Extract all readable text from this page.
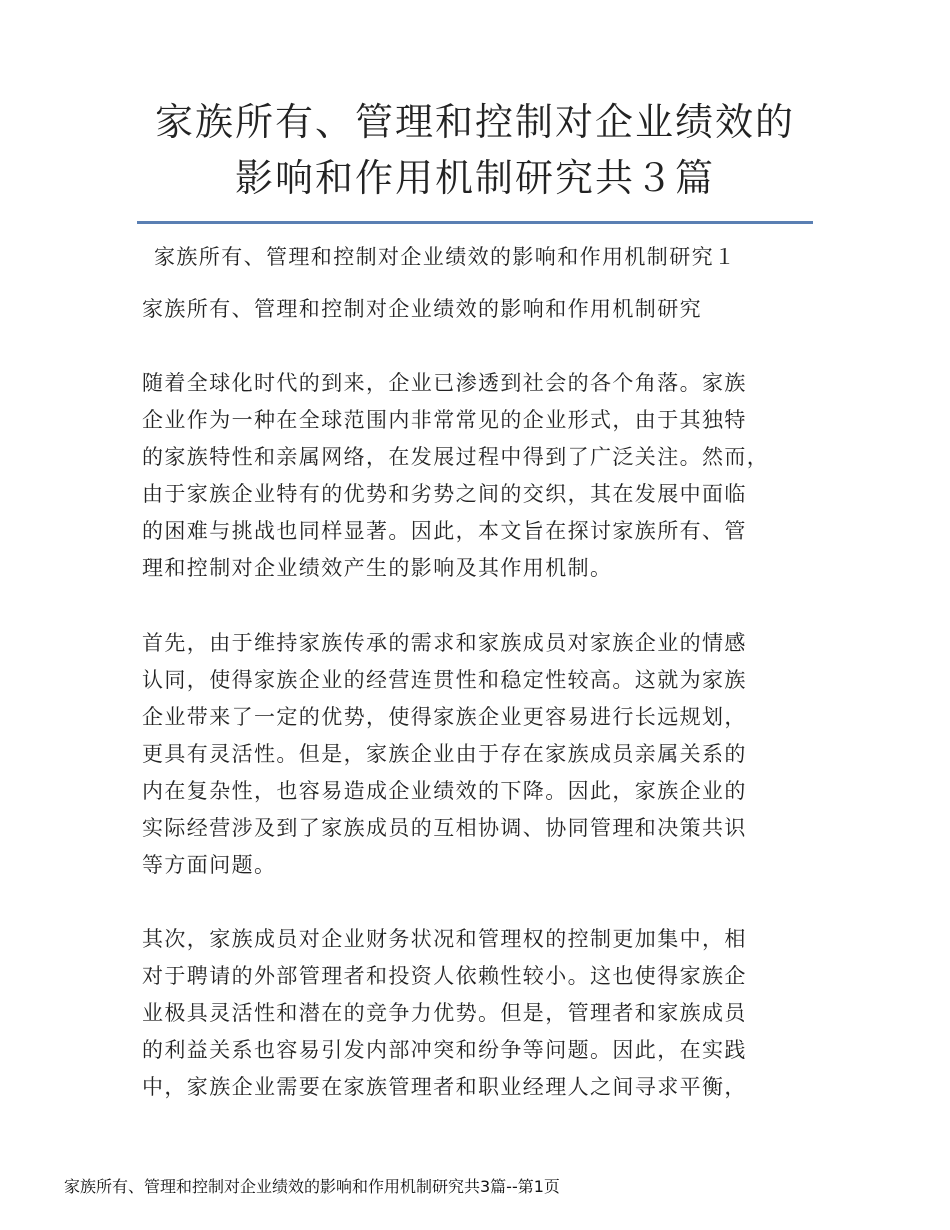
家族所有、管理和控制对企业绩效的
影响和作用机制研究共３篇

家族所有、管理和控制对企业绩效的影响和作用机制研究１

家族所有、管理和控制对企业绩效的影响和作用机制研究

随着全球化时代的到来，企业已渗透到社会的各个角落。家族
企业作为一种在全球范围内非常常见的企业形式，由于其独特
的家族特性和亲属网络，在发展过程中得到了广泛关注。然而，
由于家族企业特有的优势和劣势之间的交织，其在发展中面临
的困难与挑战也同样显著。因此，本文旨在探讨家族所有、管
理和控制对企业绩效产生的影响及其作用机制。
首先，由于维持家族传承的需求和家族成员对家族企业的情感
认同，使得家族企业的经营连贯性和稳定性较高。这就为家族
企业带来了一定的优势，使得家族企业更容易进行长远规划，
更具有灵活性。但是，家族企业由于存在家族成员亲属关系的
内在复杂性，也容易造成企业绩效的下降。因此，家族企业的
实际经营涉及到了家族成员的互相协调、协同管理和决策共识
等方面问题。
其次，家族成员对企业财务状况和管理权的控制更加集中，相
对于聘请的外部管理者和投资人依赖性较小。这也使得家族企
业极具灵活性和潜在的竞争力优势。但是，管理者和家族成员
的利益关系也容易引发内部冲突和纷争等问题。因此，在实践
中，家族企业需要在家族管理者和职业经理人之间寻求平衡，
家族所有、管理和控制对企业绩效的影响和作用机制研究共3篇--第1页
